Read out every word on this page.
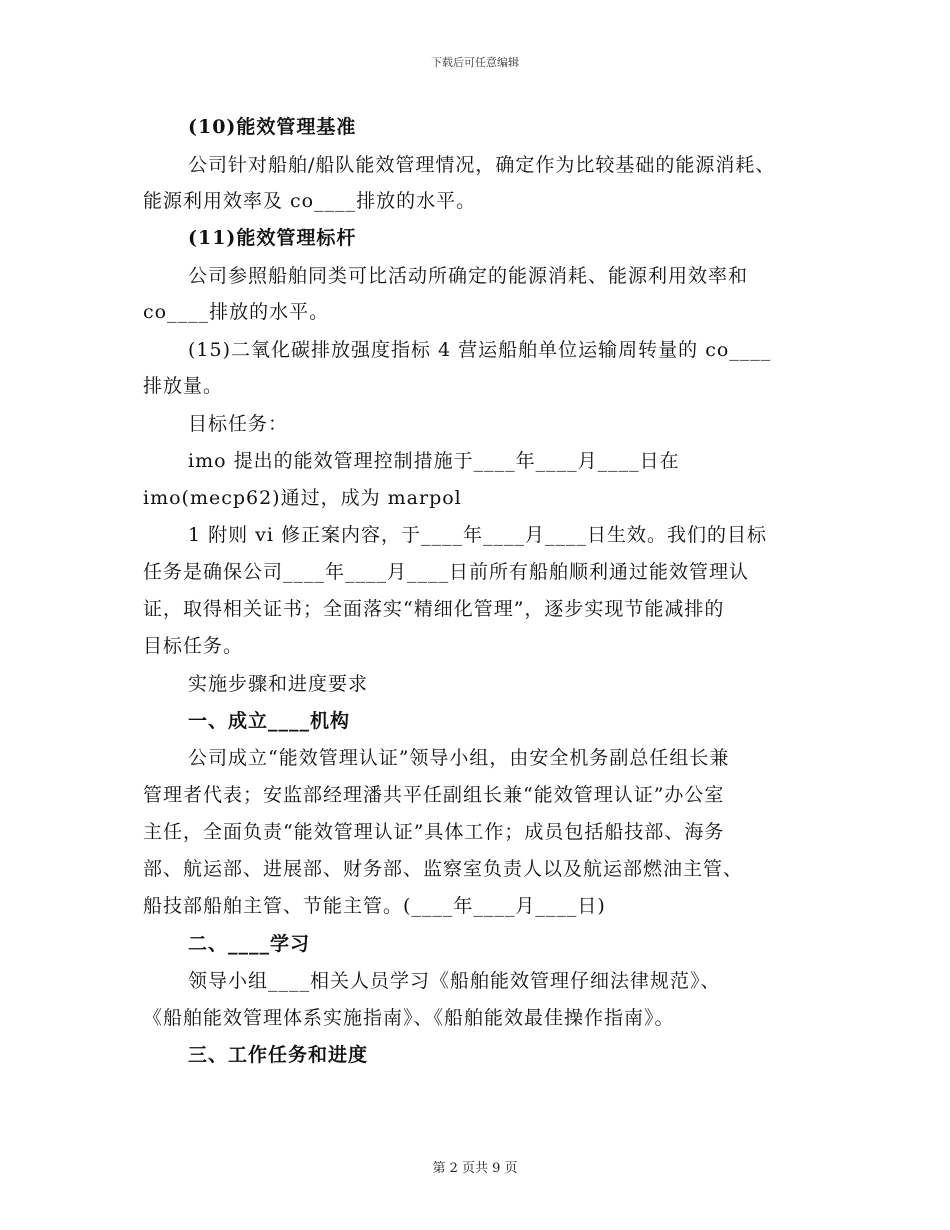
下载后可任意编辑
(10)能效管理基准
公司针对船舶/船队能效管理情况，确定作为比较基础的能源消耗、
能源利用效率及 co____排放的水平。
(11)能效管理标杆
公司参照船舶同类可比活动所确定的能源消耗、能源利用效率和
co____排放的水平。
(15)二氧化碳排放强度指标 4 营运船舶单位运输周转量的 co____
排放量。
目标任务：
imo 提出的能效管理控制措施于____年____月____日在
imo(mecp62)通过，成为 marpol
1 附则 vi 修正案内容，于____年____月____日生效。我们的目标
任务是确保公司____年____月____日前所有船舶顺利通过能效管理认
证，取得相关证书；全面落实“精细化管理”，逐步实现节能减排的
目标任务。
实施步骤和进度要求
一、成立____机构
公司成立“能效管理认证”领导小组，由安全机务副总任组长兼
管理者代表；安监部经理潘共平任副组长兼“能效管理认证”办公室
主任，全面负责“能效管理认证”具体工作；成员包括船技部、海务
部、航运部、进展部、财务部、监察室负责人以及航运部燃油主管、
船技部船舶主管、节能主管。(____年____月____日)
二、____学习
领导小组____相关人员学习《船舶能效管理仔细法律规范》、
《船舶能效管理体系实施指南》、《船舶能效最佳操作指南》。
三、工作任务和进度
第 2 页共 9 页
